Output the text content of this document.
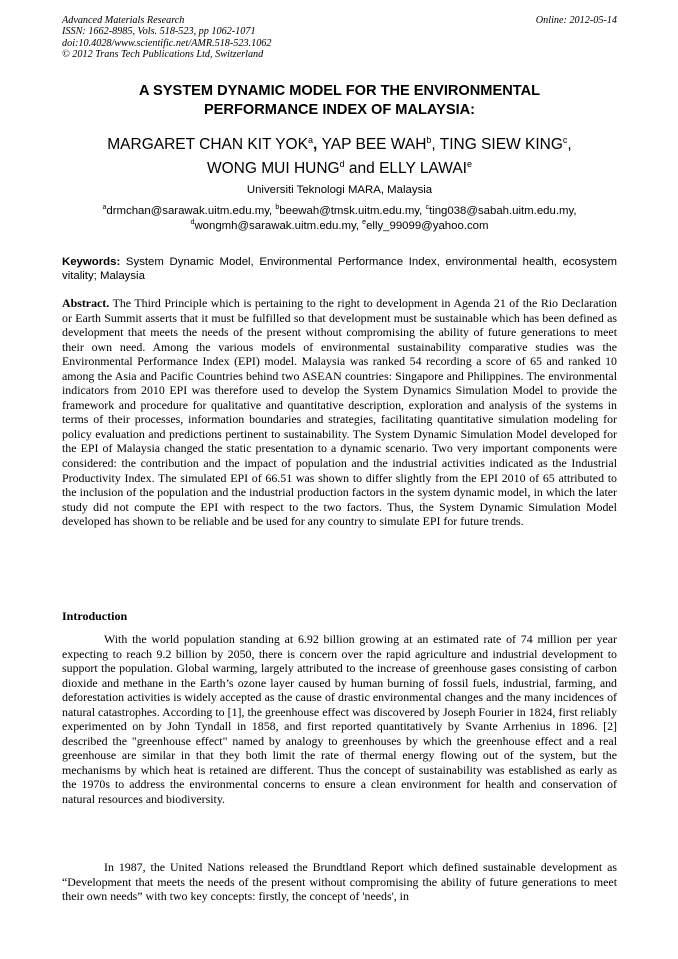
Advanced Materials Research
ISSN: 1662-8985, Vols. 518-523, pp 1062-1071
doi:10.4028/www.scientific.net/AMR.518-523.1062
© 2012 Trans Tech Publications Ltd, Switzerland
Online: 2012-05-14
A SYSTEM DYNAMIC MODEL FOR THE ENVIRONMENTAL
PERFORMANCE INDEX OF MALAYSIA:
MARGARET CHAN KIT YOK$^a$, YAP BEE WAH$^b$, TING SIEW KING$^c$,
WONG MUI HUNG$^d$ and ELLY LAWAI$^e$
Universiti Teknologi MARA, Malaysia
$^a$drmchan@sarawak.uitm.edu.my, $^b$beewah@tmsk.uitm.edu.my, $^c$ting038@sabah.uitm.edu.my,
$^d$wongmh@sarawak.uitm.edu.my, $^e$elly_99099@yahoo.com
Keywords: System Dynamic Model, Environmental Performance Index, environmental health, ecosystem vitality; Malaysia
Abstract. The Third Principle which is pertaining to the right to development in Agenda 21 of the Rio Declaration or Earth Summit asserts that it must be fulfilled so that development must be sustainable which has been defined as development that meets the needs of the present without compromising the ability of future generations to meet their own need. Among the various models of environmental sustainability comparative studies was the Environmental Performance Index (EPI) model. Malaysia was ranked 54 recording a score of 65 and ranked 10 among the Asia and Pacific Countries behind two ASEAN countries: Singapore and Philippines. The environmental indicators from 2010 EPI was therefore used to develop the System Dynamics Simulation Model to provide the framework and procedure for qualitative and quantitative description, exploration and analysis of the systems in terms of their processes, information boundaries and strategies, facilitating quantitative simulation modeling for policy evaluation and predictions pertinent to sustainability. The System Dynamic Simulation Model developed for the EPI of Malaysia changed the static presentation to a dynamic scenario. Two very important components were considered: the contribution and the impact of population and the industrial activities indicated as the Industrial Productivity Index. The simulated EPI of 66.51 was shown to differ slightly from the EPI 2010 of 65 attributed to the inclusion of the population and the industrial production factors in the system dynamic model, in which the later study did not compute the EPI with respect to the two factors. Thus, the System Dynamic Simulation Model developed has shown to be reliable and be used for any country to simulate EPI for future trends.
Introduction
With the world population standing at 6.92 billion growing at an estimated rate of 74 million per year expecting to reach 9.2 billion by 2050, there is concern over the rapid agriculture and industrial development to support the population. Global warming, largely attributed to the increase of greenhouse gases consisting of carbon dioxide and methane in the Earth’s ozone layer caused by human burning of fossil fuels, industrial, farming, and deforestation activities is widely accepted as the cause of drastic environmental changes and the many incidences of natural catastrophes. According to [1], the greenhouse effect was discovered by Joseph Fourier in 1824, first reliably experimented on by John Tyndall in 1858, and first reported quantitatively by Svante Arrhenius in 1896. [2] described the "greenhouse effect" named by analogy to greenhouses by which the greenhouse effect and a real greenhouse are similar in that they both limit the rate of thermal energy flowing out of the system, but the mechanisms by which heat is retained are different. Thus the concept of sustainability was established as early as the 1970s to address the environmental concerns to ensure a clean environment for health and conservation of natural resources and biodiversity.
In 1987, the United Nations released the Brundtland Report which defined sustainable development as “Development that meets the needs of the present without compromising the ability of future generations to meet their own needs” with two key concepts: firstly, the concept of 'needs', in
